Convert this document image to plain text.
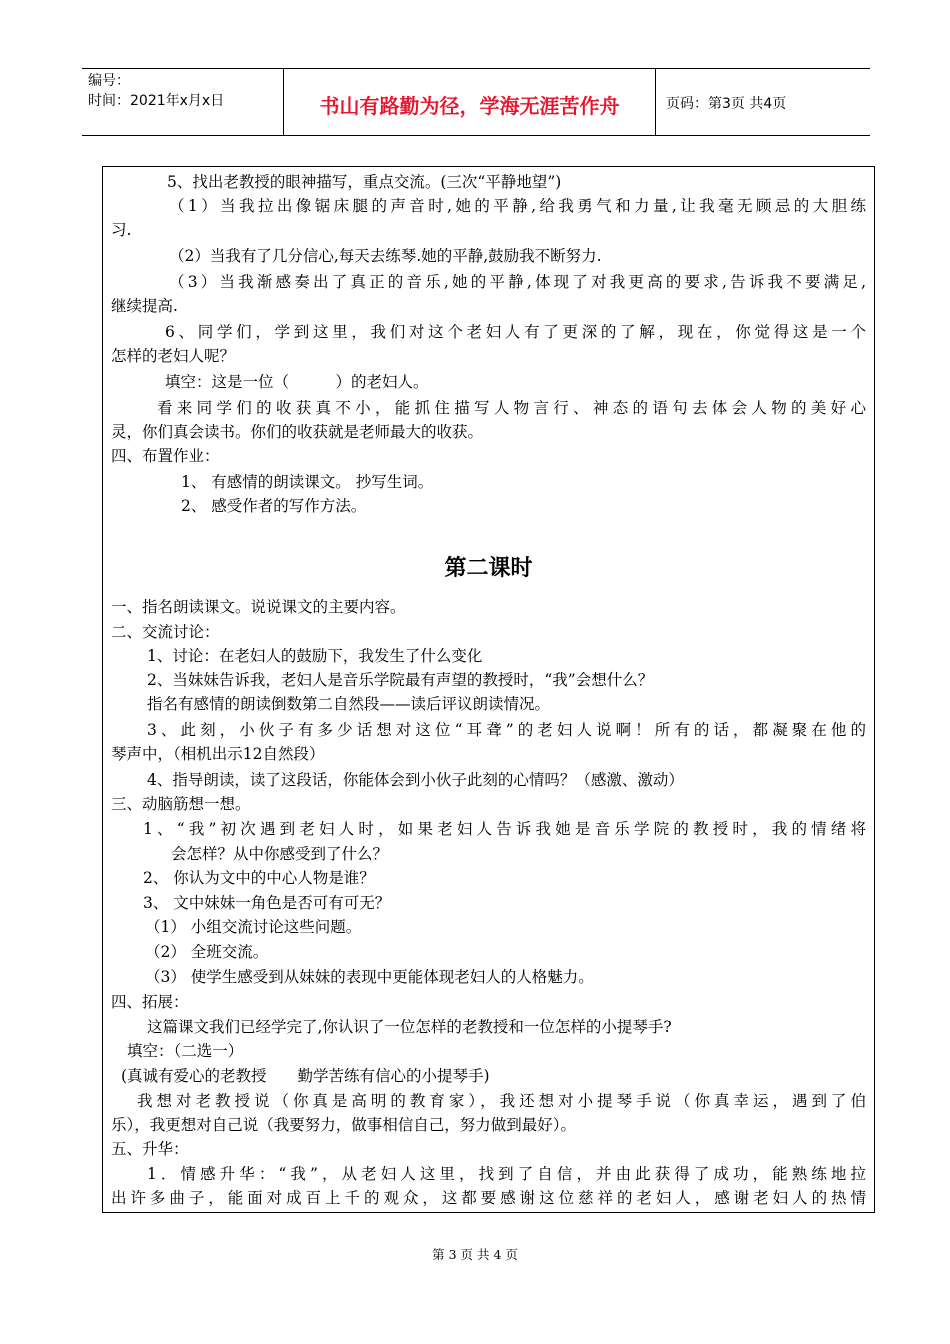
编号：
时间：2021年x月x日	书山有路勤为径，学海无涯苦作舟	页码：第3页 共4页
5、找出老教授的眼神描写，重点交流。(三次“平静地望”)
（1）当我拉出像锯床腿的声音时,她的平静,给我勇气和力量,让我毫无顾忌的大胆练
习.
（2）当我有了几分信心,每天去练琴.她的平静,鼓励我不断努力.
（3）当我渐感奏出了真正的音乐,她的平静,体现了对我更高的要求,告诉我不要满足,
继续提高.
6、同学们，学到这里，我们对这个老妇人有了更深的了解，现在，你觉得这是一个
怎样的老妇人呢？
填空：这是一位（　　　）的老妇人。
看来同学们的收获真不小，能抓住描写人物言行、神态的语句去体会人物的美好心
灵，你们真会读书。你们的收获就是老师最大的收获。
四、布置作业：
1、 有感情的朗读课文。 抄写生词。
2、 感受作者的写作方法。
第二课时
一、指名朗读课文。说说课文的主要内容。
二、交流讨论：
1、讨论：在老妇人的鼓励下，我发生了什么变化
2、当妹妹告诉我，老妇人是音乐学院最有声望的教授时，“我”会想什么？
指名有感情的朗读倒数第二自然段——读后评议朗读情况。
3、此刻，小伙子有多少话想对这位“耳聋”的老妇人说啊！所有的话，都凝聚在他的
琴声中，（相机出示12自然段）
4、指导朗读，读了这段话，你能体会到小伙子此刻的心情吗？（感激、激动）
三、动脑筋想一想。
1、“我”初次遇到老妇人时，如果老妇人告诉我她是音乐学院的教授时，我的情绪将
会怎样？从中你感受到了什么？
2、 你认为文中的中心人物是谁？
3、 文中妹妹一角色是否可有可无？
（1） 小组交流讨论这些问题。
（2） 全班交流。
（3） 使学生感受到从妹妹的表现中更能体现老妇人的人格魅力。
四、拓展：
这篇课文我们已经学完了,你认识了一位怎样的老教授和一位怎样的小提琴手?
填空：（二选一）
(真诚有爱心的老教授　　勤学苦练有信心的小提琴手)
我想对老教授说（你真是高明的教育家），我还想对小提琴手说（你真幸运，遇到了伯
乐），我更想对自己说（我要努力，做事相信自己，努力做到最好）。
五、升华：
1．情感升华：“我”，从老妇人这里，找到了自信，并由此获得了成功，能熟练地拉
出许多曲子，能面对成百上千的观众，这都要感谢这位慈祥的老妇人，感谢老妇人的热情
第 3 页 共 4 页
